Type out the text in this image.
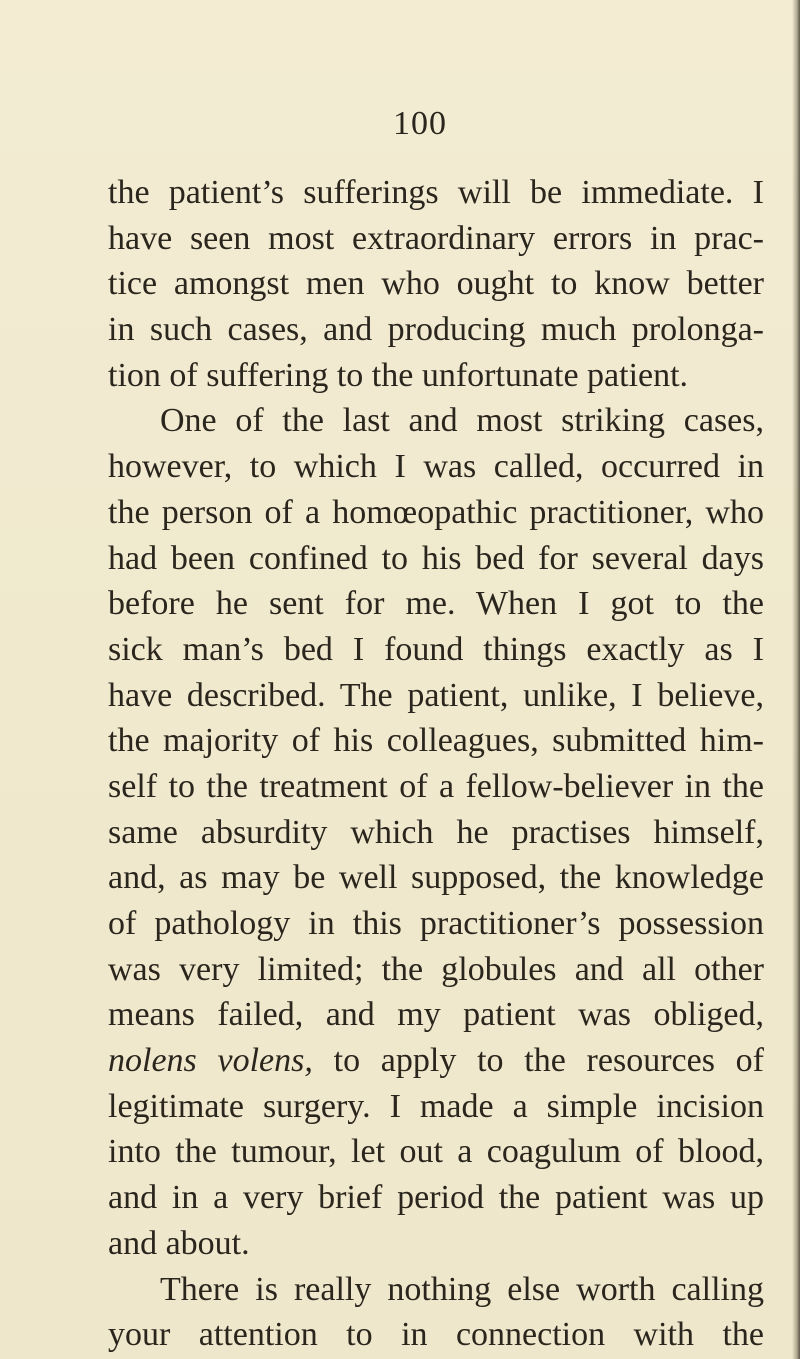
100
the patient’s sufferings will be immediate. I
have seen most extraordinary errors in prac-
tice amongst men who ought to know better
in such cases, and producing much prolonga-
tion of suffering to the unfortunate patient.
One of the last and most striking cases,
however, to which I was called, occurred in
the person of a homœopathic practitioner, who
had been confined to his bed for several days
before he sent for me. When I got to the
sick man’s bed I found things exactly as I
have described. The patient, unlike, I believe,
the majority of his colleagues, submitted him-
self to the treatment of a fellow-believer in the
same absurdity which he practises himself,
and, as may be well supposed, the knowledge
of pathology in this practitioner’s possession
was very limited; the globules and all other
means failed, and my patient was obliged,
nolens volens, to apply to the resources of
legitimate surgery. I made a simple incision
into the tumour, let out a coagulum of blood,
and in a very brief period the patient was up
and about.
There is really nothing else worth calling
your attention to in connection with the
